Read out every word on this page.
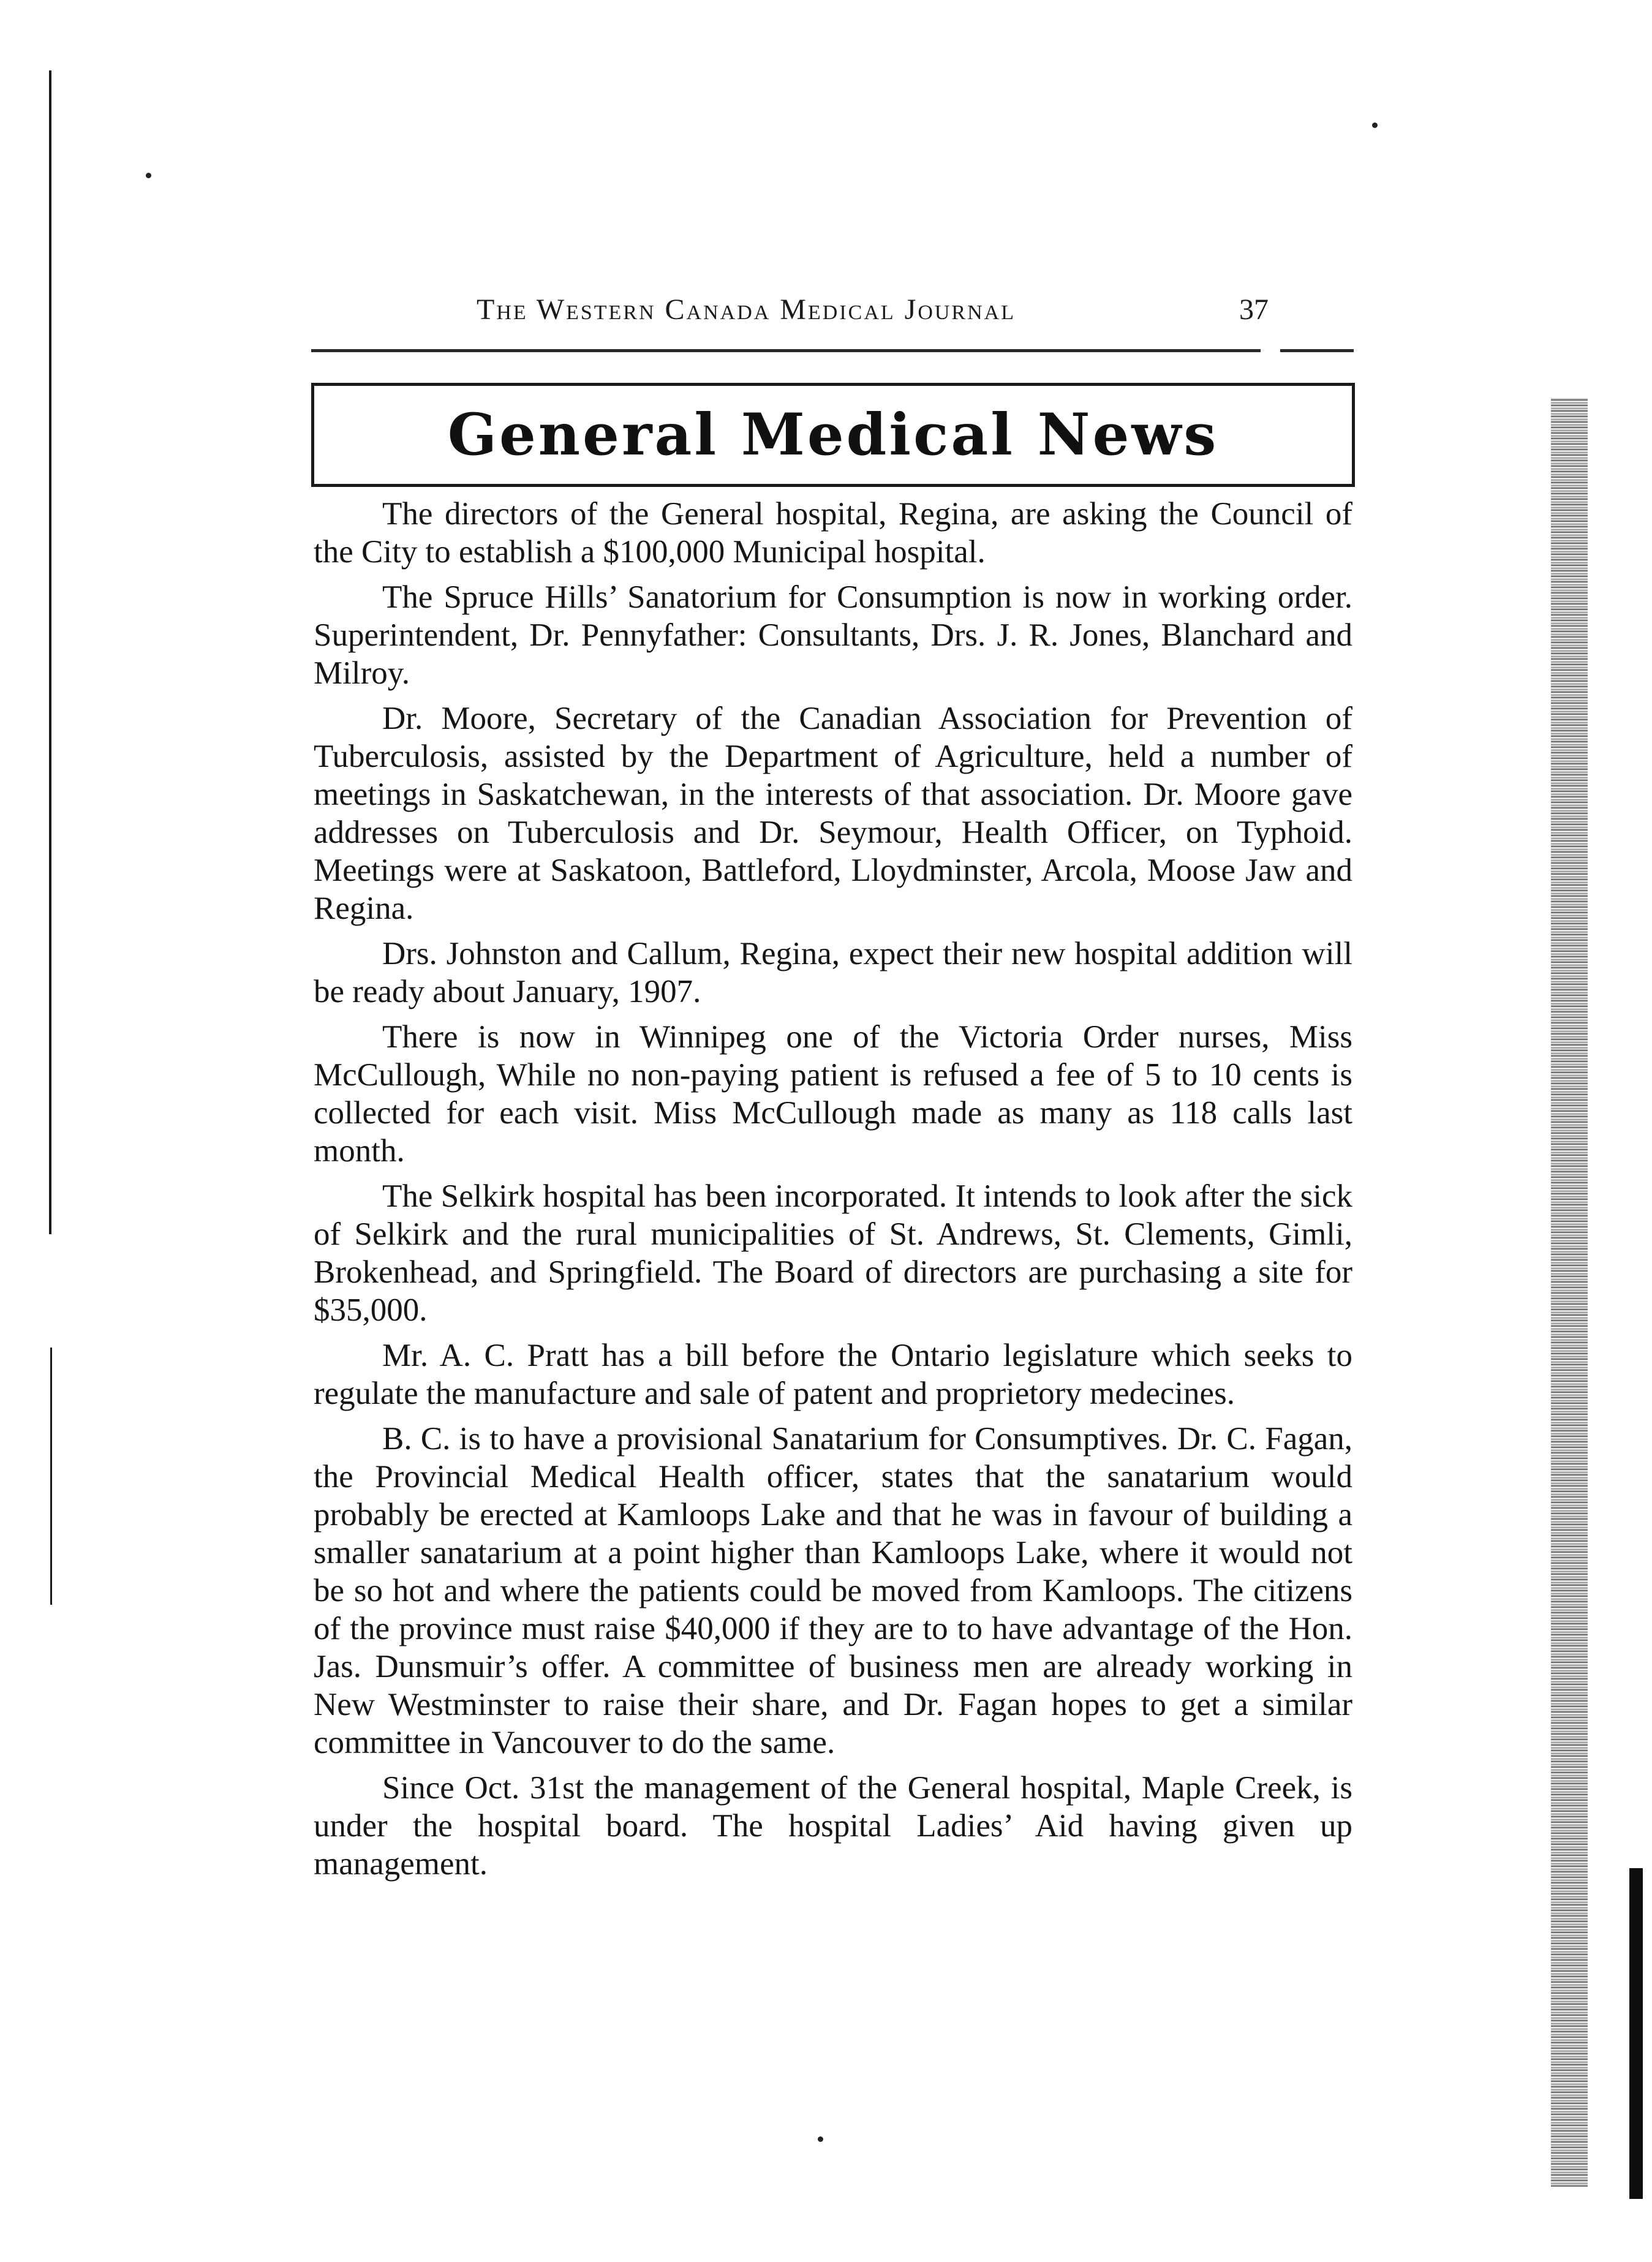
The Western Canada Medical Journal	37
General Medical News

The directors of the General hospital, Regina, are asking the Council of the City to establish a $100,000 Municipal hospital.

The Spruce Hills’ Sanatorium for Consumption is now in working order. Superintendent, Dr. Pennyfather: Consultants, Drs. J. R. Jones, Blanchard and Milroy.

Dr. Moore, Secretary of the Canadian Association for Prevention of Tuberculosis, assisted by the Department of Agriculture, held a number of meetings in Saskatchewan, in the interests of that association. Dr. Moore gave addresses on Tuberculosis and Dr. Seymour, Health Officer, on Typhoid. Meetings were at Saskatoon, Battleford, Lloydminster, Arcola, Moose Jaw and Regina.

Drs. Johnston and Callum, Regina, expect their new hospital addition will be ready about January, 1907.

There is now in Winnipeg one of the Victoria Order nurses, Miss McCullough, While no non-paying patient is refused a fee of 5 to 10 cents is collected for each visit. Miss McCullough made as many as 118 calls last month.

The Selkirk hospital has been incorporated. It intends to look after the sick of Selkirk and the rural municipalities of St. Andrews, St. Clements, Gimli, Brokenhead, and Springfield. The Board of directors are purchasing a site for $35,000.

Mr. A. C. Pratt has a bill before the Ontario legislature which seeks to regulate the manufacture and sale of patent and proprietory medecines.

B. C. is to have a provisional Sanatarium for Consumptives. Dr. C. Fagan, the Provincial Medical Health officer, states that the sanatarium would probably be erected at Kamloops Lake and that he was in favour of building a smaller sanatarium at a point higher than Kamloops Lake, where it would not be so hot and where the patients could be moved from Kamloops. The citizens of the province must raise $40,000 if they are to to have advantage of the Hon. Jas. Dunsmuir’s offer. A committee of business men are already working in New Westminster to raise their share, and Dr. Fagan hopes to get a similar committee in Vancouver to do the same.

Since Oct. 31st the management of the General hospital, Maple Creek, is under the hospital board. The hospital Ladies’ Aid having given up management.
